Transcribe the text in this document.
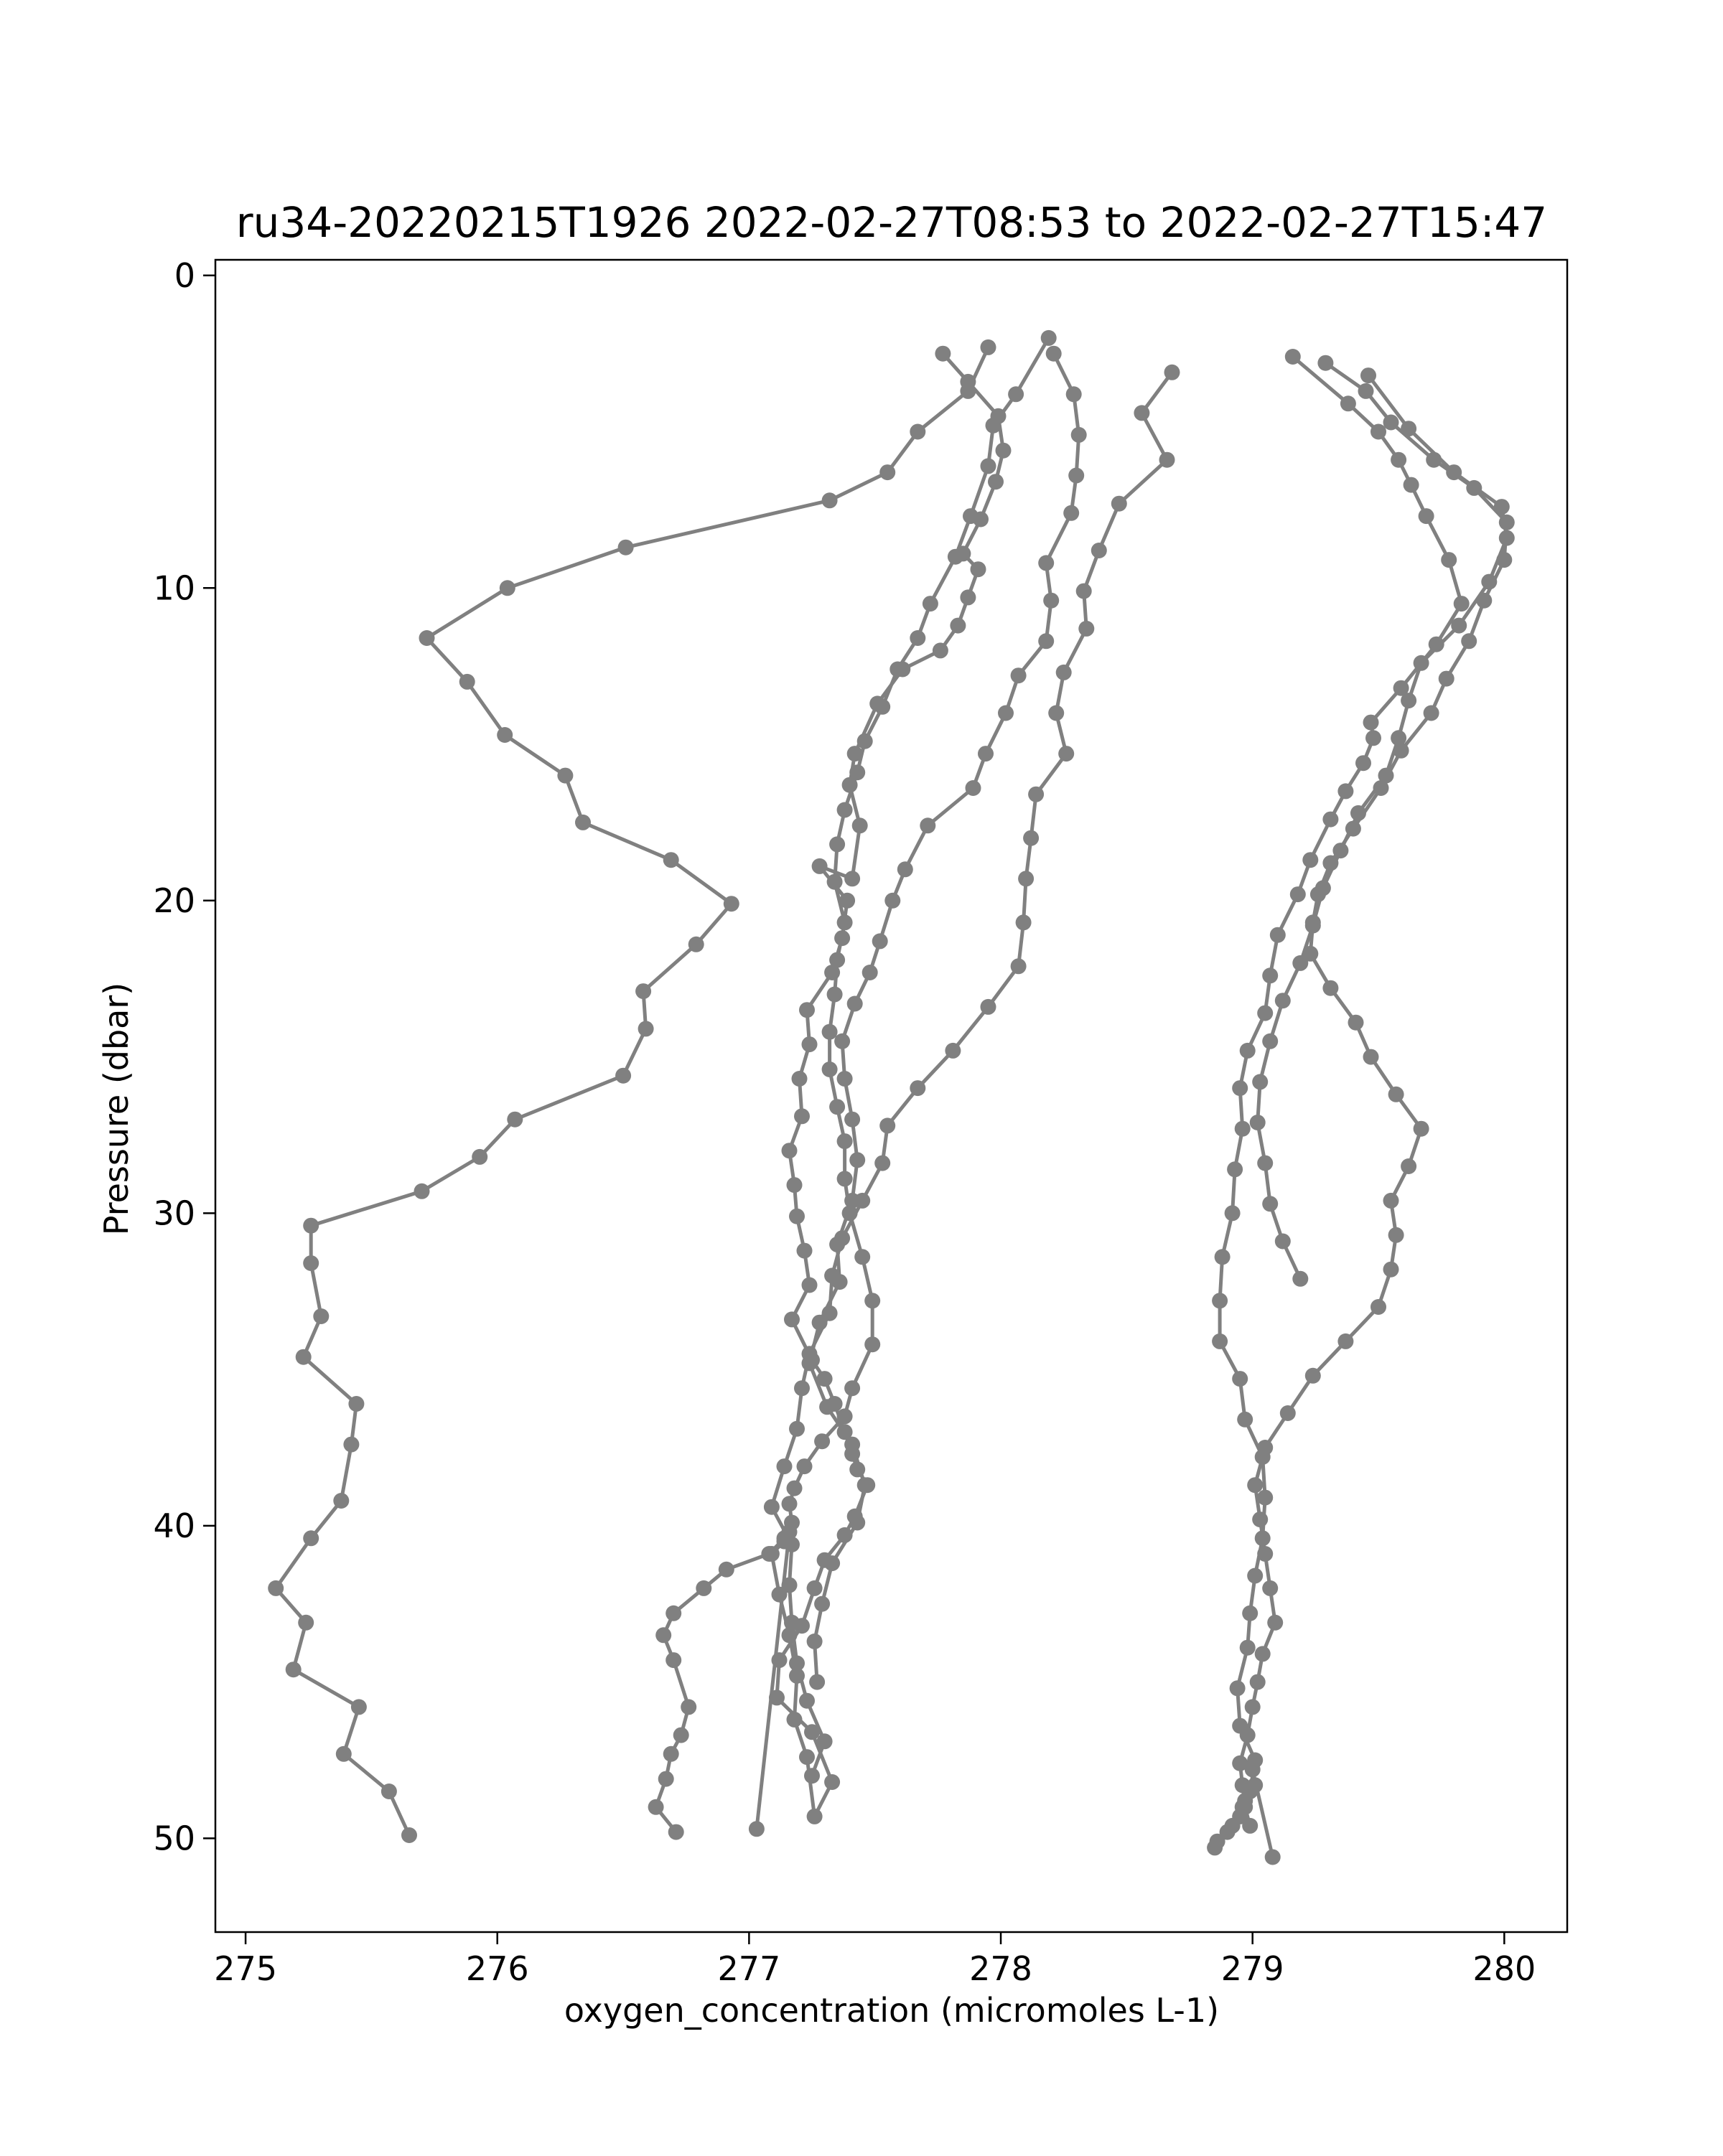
ru34-20220215T1926 2022-02-27T08:53 to 2022-02-27T15:47
oxygen_concentration (micromoles L-1)
Pressure (dbar)
275	276	277	278	279	280
0
10
20
30
40
50
